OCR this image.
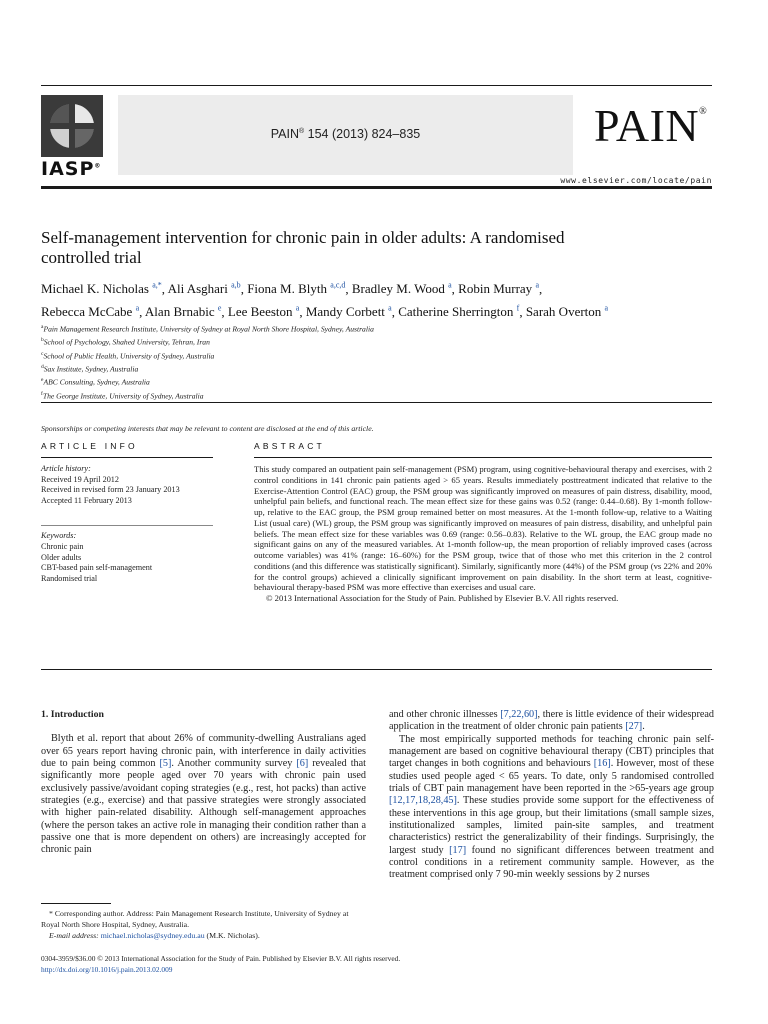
IASP®
PAIN® 154 (2013) 824–835	PAIN®
www.elsevier.com/locate/pain
Self-management intervention for chronic pain in older adults: A randomised
controlled trial
Michael K. Nicholas $^{a,*}$, Ali Asghari $^{a,b}$, Fiona M. Blyth $^{a,c,d}$, Bradley M. Wood $^a$, Robin Murray $^a$,
Rebecca McCabe $^a$, Alan Brnabic $^e$, Lee Beeston $^a$, Mandy Corbett $^a$, Catherine Sherrington $^f$, Sarah Overton $^a$
$^a$Pain Management Research Institute, University of Sydney at Royal North Shore Hospital, Sydney, Australia
$^b$School of Psychology, Shahed University, Tehran, Iran
$^c$School of Public Health, University of Sydney, Australia
$^d$Sax Institute, Sydney, Australia
$^e$ABC Consulting, Sydney, Australia
$^f$The George Institute, University of Sydney, Australia
Sponsorships or competing interests that may be relevant to content are disclosed at the end of this article.
ARTICLE INFO	ABSTRACT
Article history:
Received 19 April 2012
Received in revised form 23 January 2013
Accepted 11 February 2013
Keywords:
Chronic pain
Older adults
CBT-based pain self-management
Randomised trial
This study compared an outpatient pain self-management (PSM) program, using cognitive-behavioural therapy and exercises, with 2 control conditions in 141 chronic pain patients aged > 65 years. Results immediately posttreatment indicated that relative to the Exercise-Attention Control (EAC) group, the PSM group was significantly improved on measures of pain distress, disability, mood, unhelpful pain beliefs, and functional reach. The mean effect size for these gains was 0.52 (range: 0.44–0.68). By 1-month follow-up, relative to the EAC group, the PSM group remained better on most measures. At the 1-month follow-up, relative to a Waiting List (usual care) (WL) group, the PSM group was significantly improved on measures of pain distress, disability, and unhelpful pain beliefs. The mean effect size for these variables was 0.69 (range: 0.56–0.83). Relative to the WL group, the EAC group made no significant gains on any of the measured variables. At 1-month follow-up, the mean proportion of reliably improved cases (across outcome variables) was 41% (range: 16–60%) for the PSM group, twice that of those who met this criterion in the 2 control conditions (and this difference was statistically significant). Similarly, significantly more (44%) of the PSM group (vs 22% and 20% for the control groups) achieved a clinically significant improvement on pain disability. In the short term at least, cognitive-behavioural therapy-based PSM was more effective than exercises and usual care.
© 2013 International Association for the Study of Pain. Published by Elsevier B.V. All rights reserved.
1. Introduction

Blyth et al. report that about 26% of community-dwelling Australians aged over 65 years report having chronic pain, with interference in daily activities due to pain being common [5]. Another community survey [6] revealed that significantly more people aged over 70 years with chronic pain used exclusively passive/avoidant coping strategies (e.g., rest, hot packs) than active strategies (e.g., exercise) and that passive strategies were strongly associated with higher pain-related disability. Although self-management approaches (where the person takes an active role in managing their condition rather than a passive one that is more dependent on others) are increasingly accepted for chronic pain

and other chronic illnesses [7,22,60], there is little evidence of their widespread application in the treatment of older chronic pain patients [27].

The most empirically supported methods for teaching chronic pain self-management are based on cognitive behavioural therapy (CBT) principles that target changes in both cognitions and behaviours [16]. However, most of these studies used people aged < 65 years. To date, only 5 randomised controlled trials of CBT pain management have been reported in the >65-years age group [12,17,18,28,45]. These studies provide some support for the effectiveness of these interventions in this age group, but their limitations (small sample sizes, institutionalized samples, limited pain-site samples, and treatment characteristics) restrict the generalizability of their findings. Surprisingly, the largest study [17] found no significant differences between treatment and control conditions in a retirement community sample. However, as the treatment comprised only 7 90-min weekly sessions by 2 nurses

* Corresponding author. Address: Pain Management Research Institute, University of Sydney at Royal North Shore Hospital, Sydney, Australia.
E-mail address: michael.nicholas@sydney.edu.au (M.K. Nicholas).
0304-3959/$36.00 © 2013 International Association for the Study of Pain. Published by Elsevier B.V. All rights reserved.
http://dx.doi.org/10.1016/j.pain.2013.02.009
